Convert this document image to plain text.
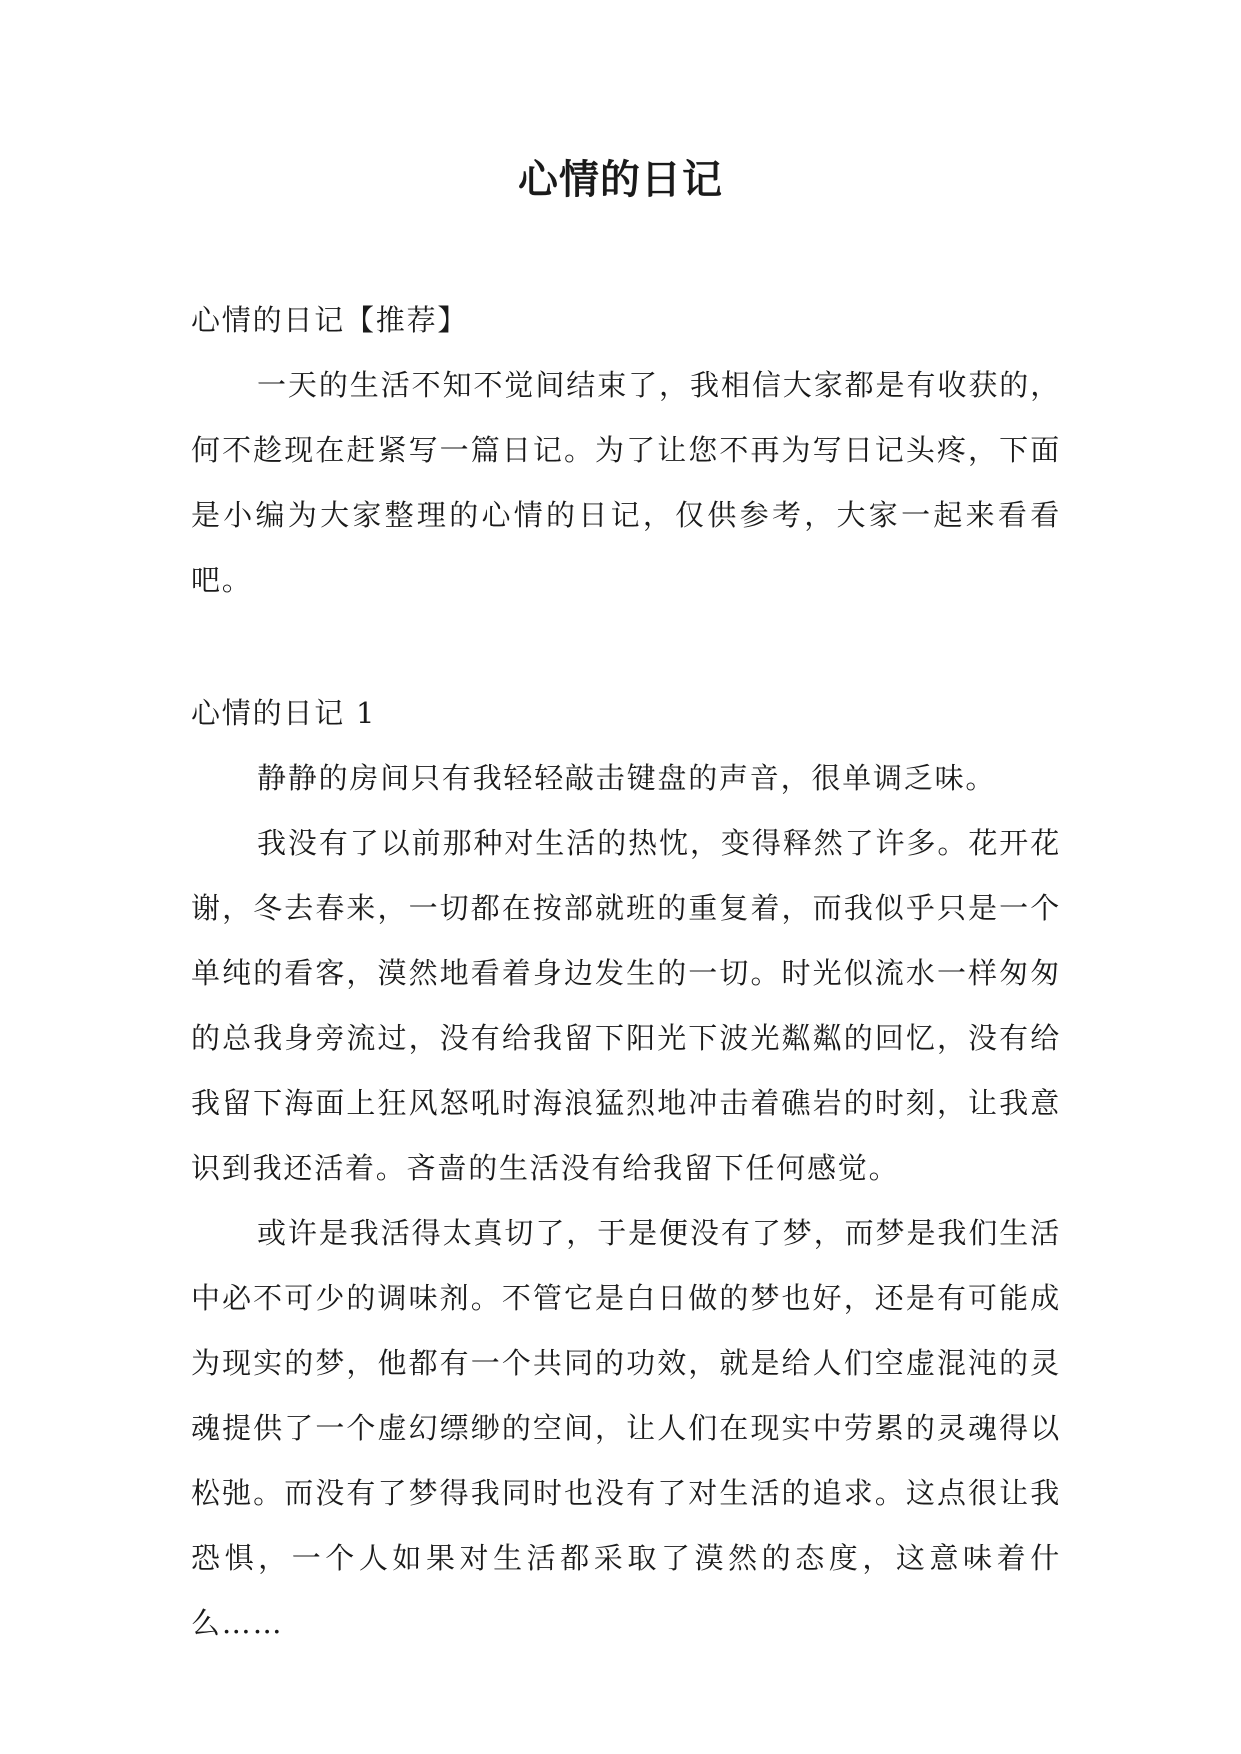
心情的日记

心情的日记【推荐】

一天的生活不知不觉间结束了，我相信大家都是有收获的，何不趁现在赶紧写一篇日记。为了让您不再为写日记头疼，下面是小编为大家整理的心情的日记，仅供参考，大家一起来看看吧。

心情的日记 1

静静的房间只有我轻轻敲击键盘的声音，很单调乏味。

我没有了以前那种对生活的热忱，变得释然了许多。花开花谢，冬去春来，一切都在按部就班的重复着，而我似乎只是一个单纯的看客，漠然地看着身边发生的一切。时光似流水一样匆匆的总我身旁流过，没有给我留下阳光下波光粼粼的回忆，没有给我留下海面上狂风怒吼时海浪猛烈地冲击着礁岩的时刻，让我意识到我还活着。吝啬的生活没有给我留下任何感觉。

或许是我活得太真切了，于是便没有了梦，而梦是我们生活中必不可少的调味剂。不管它是白日做的梦也好，还是有可能成为现实的梦，他都有一个共同的功效，就是给人们空虚混沌的灵魂提供了一个虚幻缥缈的空间，让人们在现实中劳累的灵魂得以松弛。而没有了梦得我同时也没有了对生活的追求。这点很让我恐惧，一个人如果对生活都采取了漠然的态度，这意味着什么……
